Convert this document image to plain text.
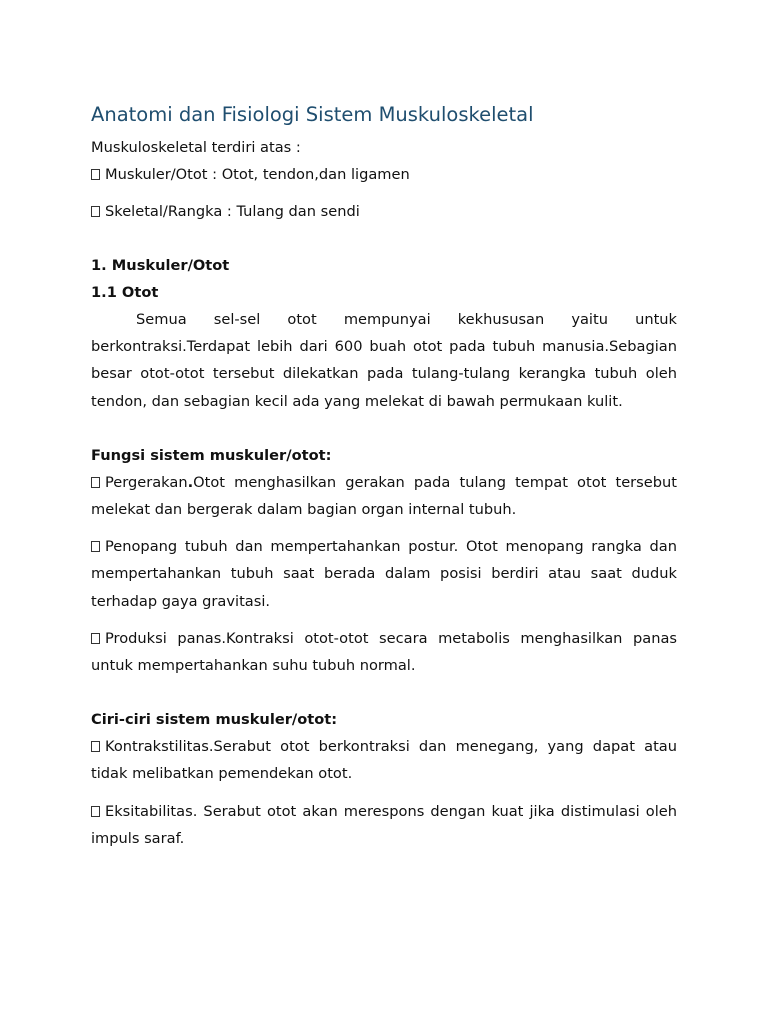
Anatomi dan Fisiologi Sistem Muskuloskeletal

Muskuloskeletal terdiri atas :

Muskuler/Otot : Otot, tendon,dan ligamen

Skeletal/Rangka : Tulang dan sendi

1. Muskuler/Otot

1.1 Otot

Semua sel-sel otot mempunyai kekhususan yaitu untuk berkontraksi.Terdapat lebih dari 600 buah otot pada tubuh manusia.Sebagian besar otot-otot tersebut dilekatkan pada tulang-tulang kerangka tubuh oleh tendon, dan sebagian kecil ada yang melekat di bawah permukaan kulit.

Fungsi sistem muskuler/otot:

Pergerakan.Otot menghasilkan gerakan pada tulang tempat otot tersebut melekat dan bergerak dalam bagian organ internal tubuh.

Penopang tubuh dan mempertahankan postur. Otot menopang rangka dan mempertahankan tubuh saat berada dalam posisi berdiri atau saat duduk terhadap gaya gravitasi.

Produksi panas.Kontraksi otot-otot secara metabolis menghasilkan panas untuk mempertahankan suhu tubuh normal.

Ciri-ciri sistem muskuler/otot:

Kontrakstilitas.Serabut otot berkontraksi dan menegang, yang dapat atau tidak melibatkan pemendekan otot.

Eksitabilitas. Serabut otot akan merespons dengan kuat jika distimulasi oleh impuls saraf.
